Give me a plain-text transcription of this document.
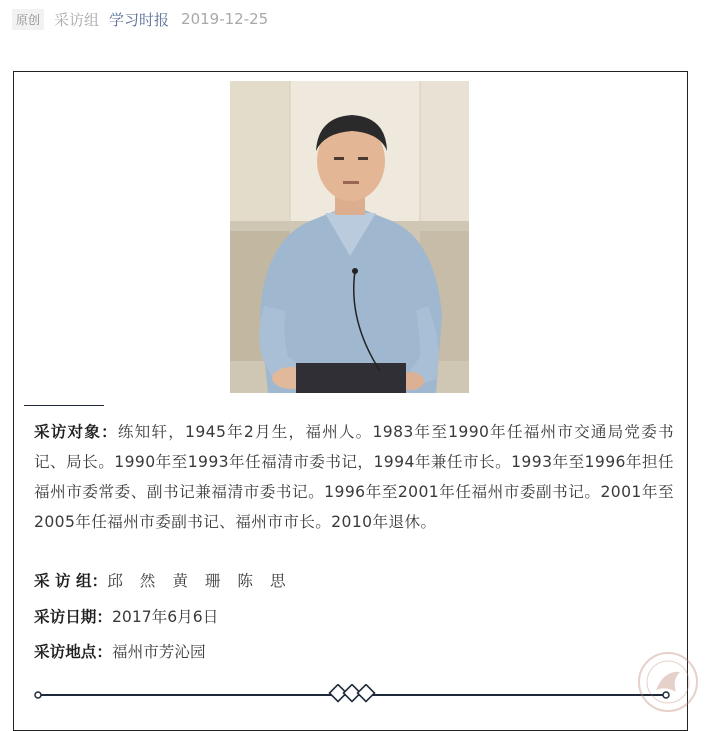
原创 采访组 学习时报 2019-12-25

采访对象：练知轩，1945年2月生，福州人。1983年至1990年任福州市交通局党委书记、局长。1990年至1993年任福清市委书记，1994年兼任市长。1993年至1996年担任福州市委常委、副书记兼福清市委书记。1996年至2001年任福州市委副书记。2001年至2005年任福州市委副书记、福州市市长。2010年退休。

采 访 组：邱 然 黄 珊 陈 思
采访日期：2017年6月6日
采访地点：福州市芳沁园
